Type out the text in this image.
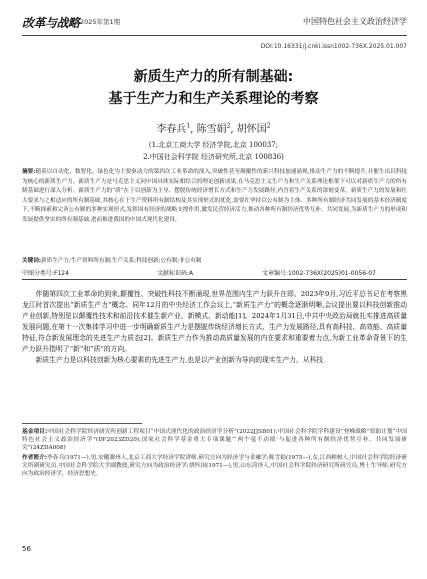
改革与战略 2025年第1期	中国特色社会主义政治经济学
DOI:10.16331/j.cnki.issn1002-736X.2025.01.007
新质生产力的所有制基础:
基于生产力和生产关系理论的考察
李春兵$^1$, 陈雪娟$^2$, 胡怀国$^2$
(1.北京工商大学 经济学院,北京 100037;
2.中国社会科学院 经济研究所,北京 100836)
摘要:随着以自动化、数智化、绿色化为主要驱动力的第四次工业革命的深入,突破性甚至颠覆性的新兴科技加速涌现,推动生产力的不断提升,并催生出以科技为核心的新质生产力。新质生产力是马克思主义同中国具体实际相结合的理论创新成果,在马克思主义生产力和生产关系理论框架下可以对新质生产力的所有制基础进行深入分析。新质生产力的“质”在于以创新为主导、摆脱传统经济增长方式和生产力发展路径,内含着生产关系的深刻变革。新质生产力的发展和壮大要求与之相适应的所有制基础,其核心在于生产资料所有制结构及其实现形式的优化,需要在坚持以公有制为主体、多种所有制经济共同发展的基本经济制度下,不断探索和完善公有制的多种实现形式,发挥国有经济的战略支撑作用,激发民营经济活力,推动各种所有制经济优势互补、共同发展,为新质生产力的形成和发展提供坚实的所有制基础,进而推进我国的中国式现代化建设。
关键词:新质生产力;生产资料所有制;生产关系;科技创新;公有制;非公有制
中图分类号:F124	文献标识码:A	文章编号:1002-736X(2025)01-0056-07

伴随第四次工业革命的到来,颠覆性、突破性科技不断涌现,世界范围内生产力跃升在即。2023年9月,习近平总书记在考察黑龙江时首次提出“新质生产力”概念。同年12月的中央经济工作会议上,“新质生产力”的概念逐渐明晰,会议提出要以科技创新推动产业创新,特别是以颠覆性技术和前沿技术催生新产业、新模式、新动能[1]。2024年1月31日,中共中央政治局就扎实推进高质量发展问题,在第十一次集体学习中进一步明确新质生产力是摆脱传统经济增长方式、生产力发展路径,具有高科技、高效能、高质量特征,符合新发展理念的先进生产力质态[2]。新质生产力作为推动高质量发展的内在要求和重要着力点,为新工业革命背景下的生产力跃升指明了“新”和“质”的方向。

新质生产力是以科技创新为核心要素的先进生产力,也是以产业创新为导向的现实生产力。从科技

基金项目:中国社会科学院经济研究所创新工程项目“中国式现代化的政治经济学分析”(2022JJSB01);中国社会科学院学科建设“登峰战略”资助计划“中国特色社会主义政治经济学”(DF2023ZD20);国家社会科学基金重大专项课题“‘两个毫不动摇’与促进各种所有制经济优势互补、共同发展研究”(24ZDA008)

作者简介:李春兵(1971—),男,安徽滁州人,北京工商大学经济学院讲师,研究方向为经济学与金融学;陈雪娟(1975—),女,江西樟树人,中国社会科学院经济研究所副研究员,中国社会科学院大学副教授,研究方向为政治经济学;胡怀国(1971—),男,山东菏泽人,中国社会科学院经济研究所研究员,博士生导师,研究方向为政治经济学、经济思想史。

56
